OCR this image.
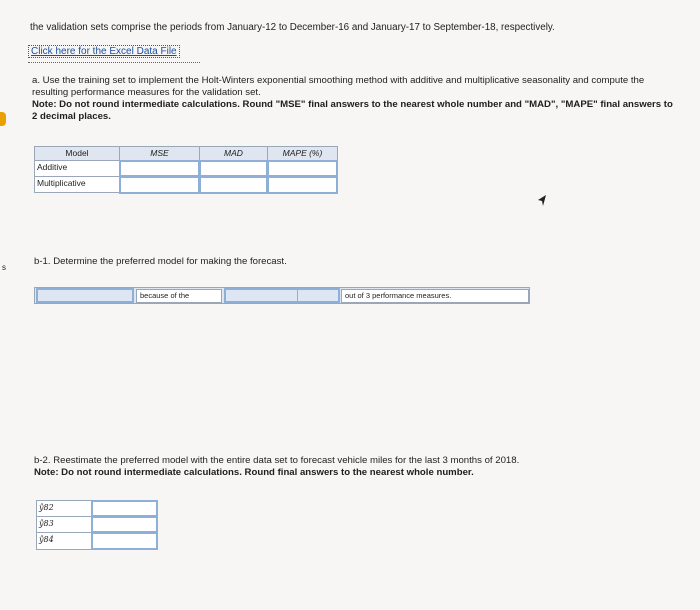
s
the validation sets comprise the periods from January-12 to December-16 and January-17 to September-18, respectively.
Click here for the Excel Data File
a. Use the training set to implement the Holt-Winters exponential smoothing method with additive and multiplicative seasonality and compute the resulting performance measures for the validation set.
Note: Do not round intermediate calculations. Round "MSE" final answers to the nearest whole number and "MAD", "MAPE" final answers to 2 decimal places.
Model	MSE	MAD	MAPE (%)
Additive
Multiplicative
b-1. Determine the preferred model for making the forecast.
because of the	out of 3 performance measures.
b-2. Reestimate the preferred model with the entire data set to forecast vehicle miles for the last 3 months of 2018.
Note: Do not round intermediate calculations. Round final answers to the nearest whole number.
ŷ82
ŷ83
ŷ84
